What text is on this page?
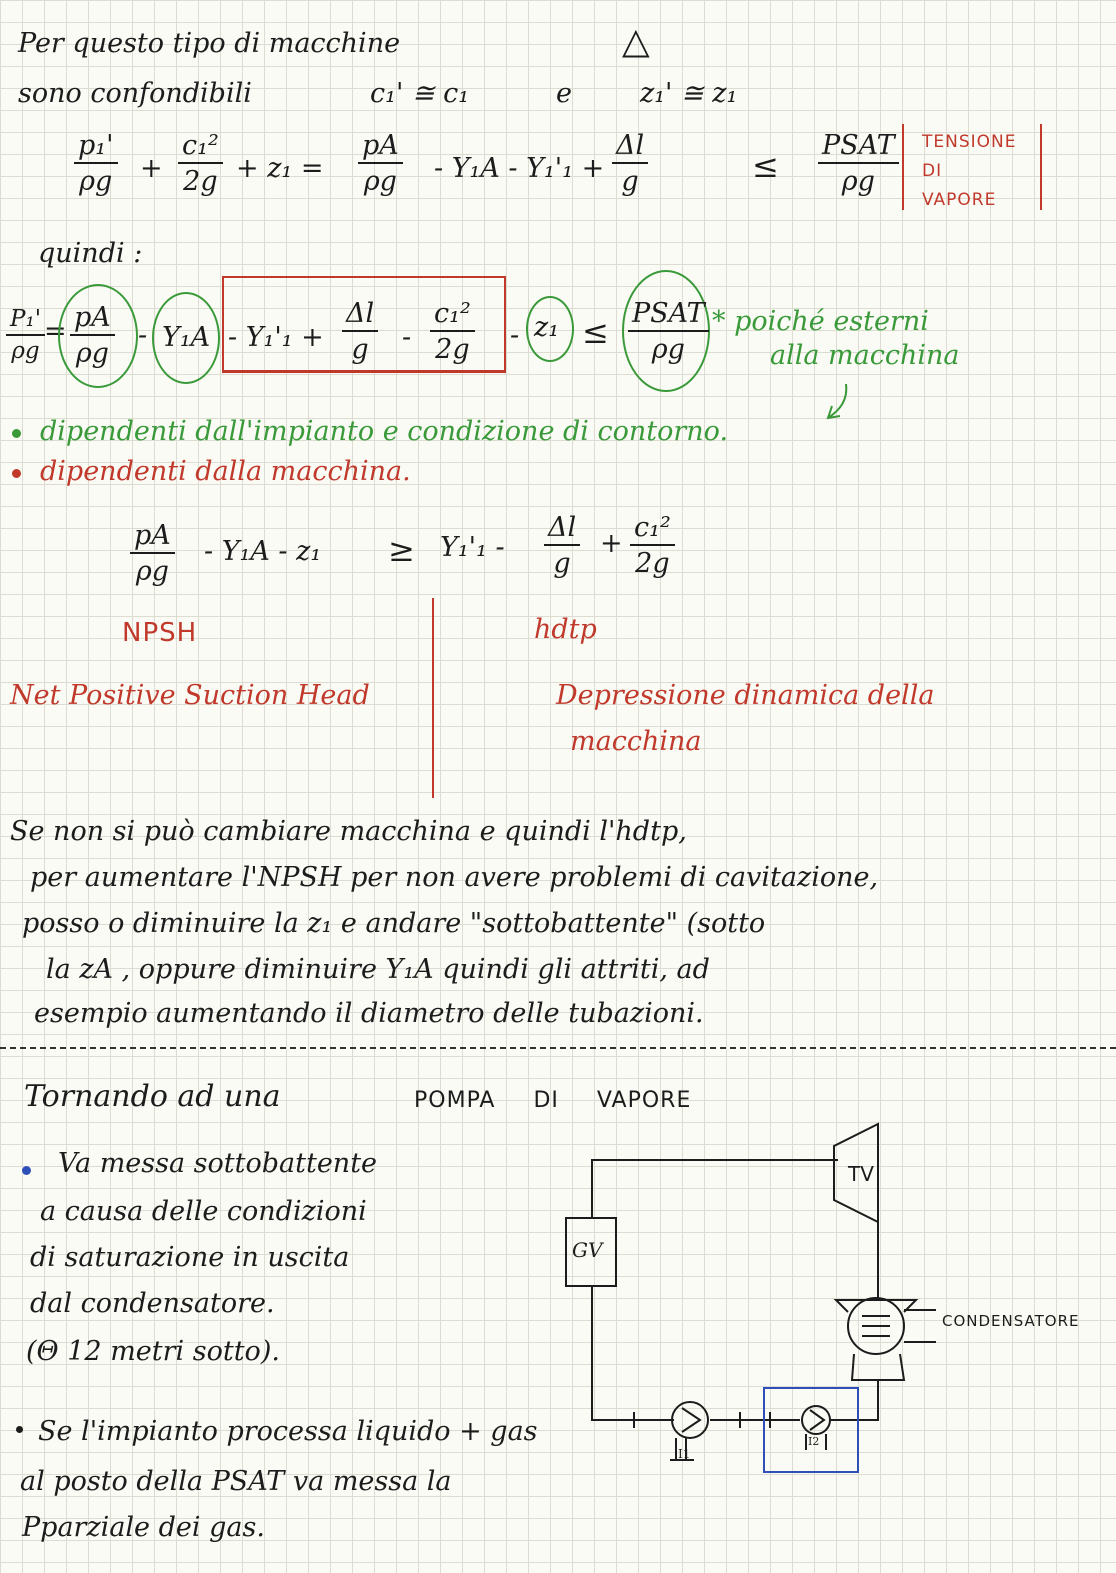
Per questo tipo di macchine	△
sono confondibili	c₁' ≅ c₁	e	z₁' ≅ z₁
$\frac{\text{p₁'}}{\rho g} + \frac{\text{c₁²}}{2g} + z_1 = \frac{pA}{\rho g} - Y_1A - Y_1'_1 + \frac{\Delta l}{g}$	≤
PSAT
ρg
TENSIONE
DI
VAPORE
quindi :
$\frac{\text{P₁'}}{\rho g}$
= $\frac{pA}{\rho g} - Y_1A - Y_1'_1 + \frac{\Delta l}{g} - \frac{\text{c₁²}}{2g} - z_1$ ≤ PSAT
ρg
* poiché esterni
alla macchina
dipendenti dall'impianto e condizione di contorno.
dipendenti dalla macchina.
$\frac{pA}{\rho g} - Y_1A - z_1 \ge Y_1'_1 - \frac{\Delta l}{g} + \frac{\text{c₁²}}{2g}$
NPSH
Net Positive Suction Head
hdtp
Depressione dinamica della
macchina
Se non si può cambiare macchina e quindi l'hdtp,
per aumentare l'NPSH per non avere problemi di cavitazione,
posso o diminuire la z₁ e andare "sottobattente" (sotto
la zA , oppure diminuire Y₁A quindi gli attriti, ad
esempio aumentando il diametro delle tubazioni.
Tornando ad una	POMPA DI VAPORE
Va messa sottobattente
a causa delle condizioni
di saturazione in uscita
dal condensatore.
(Θ 12 metri sotto).
Se l'impianto processa liquido + gas
al posto della PSAT va messa la
Pparziale dei gas.
TV
GV
CONDENSATORE
I1
I2
